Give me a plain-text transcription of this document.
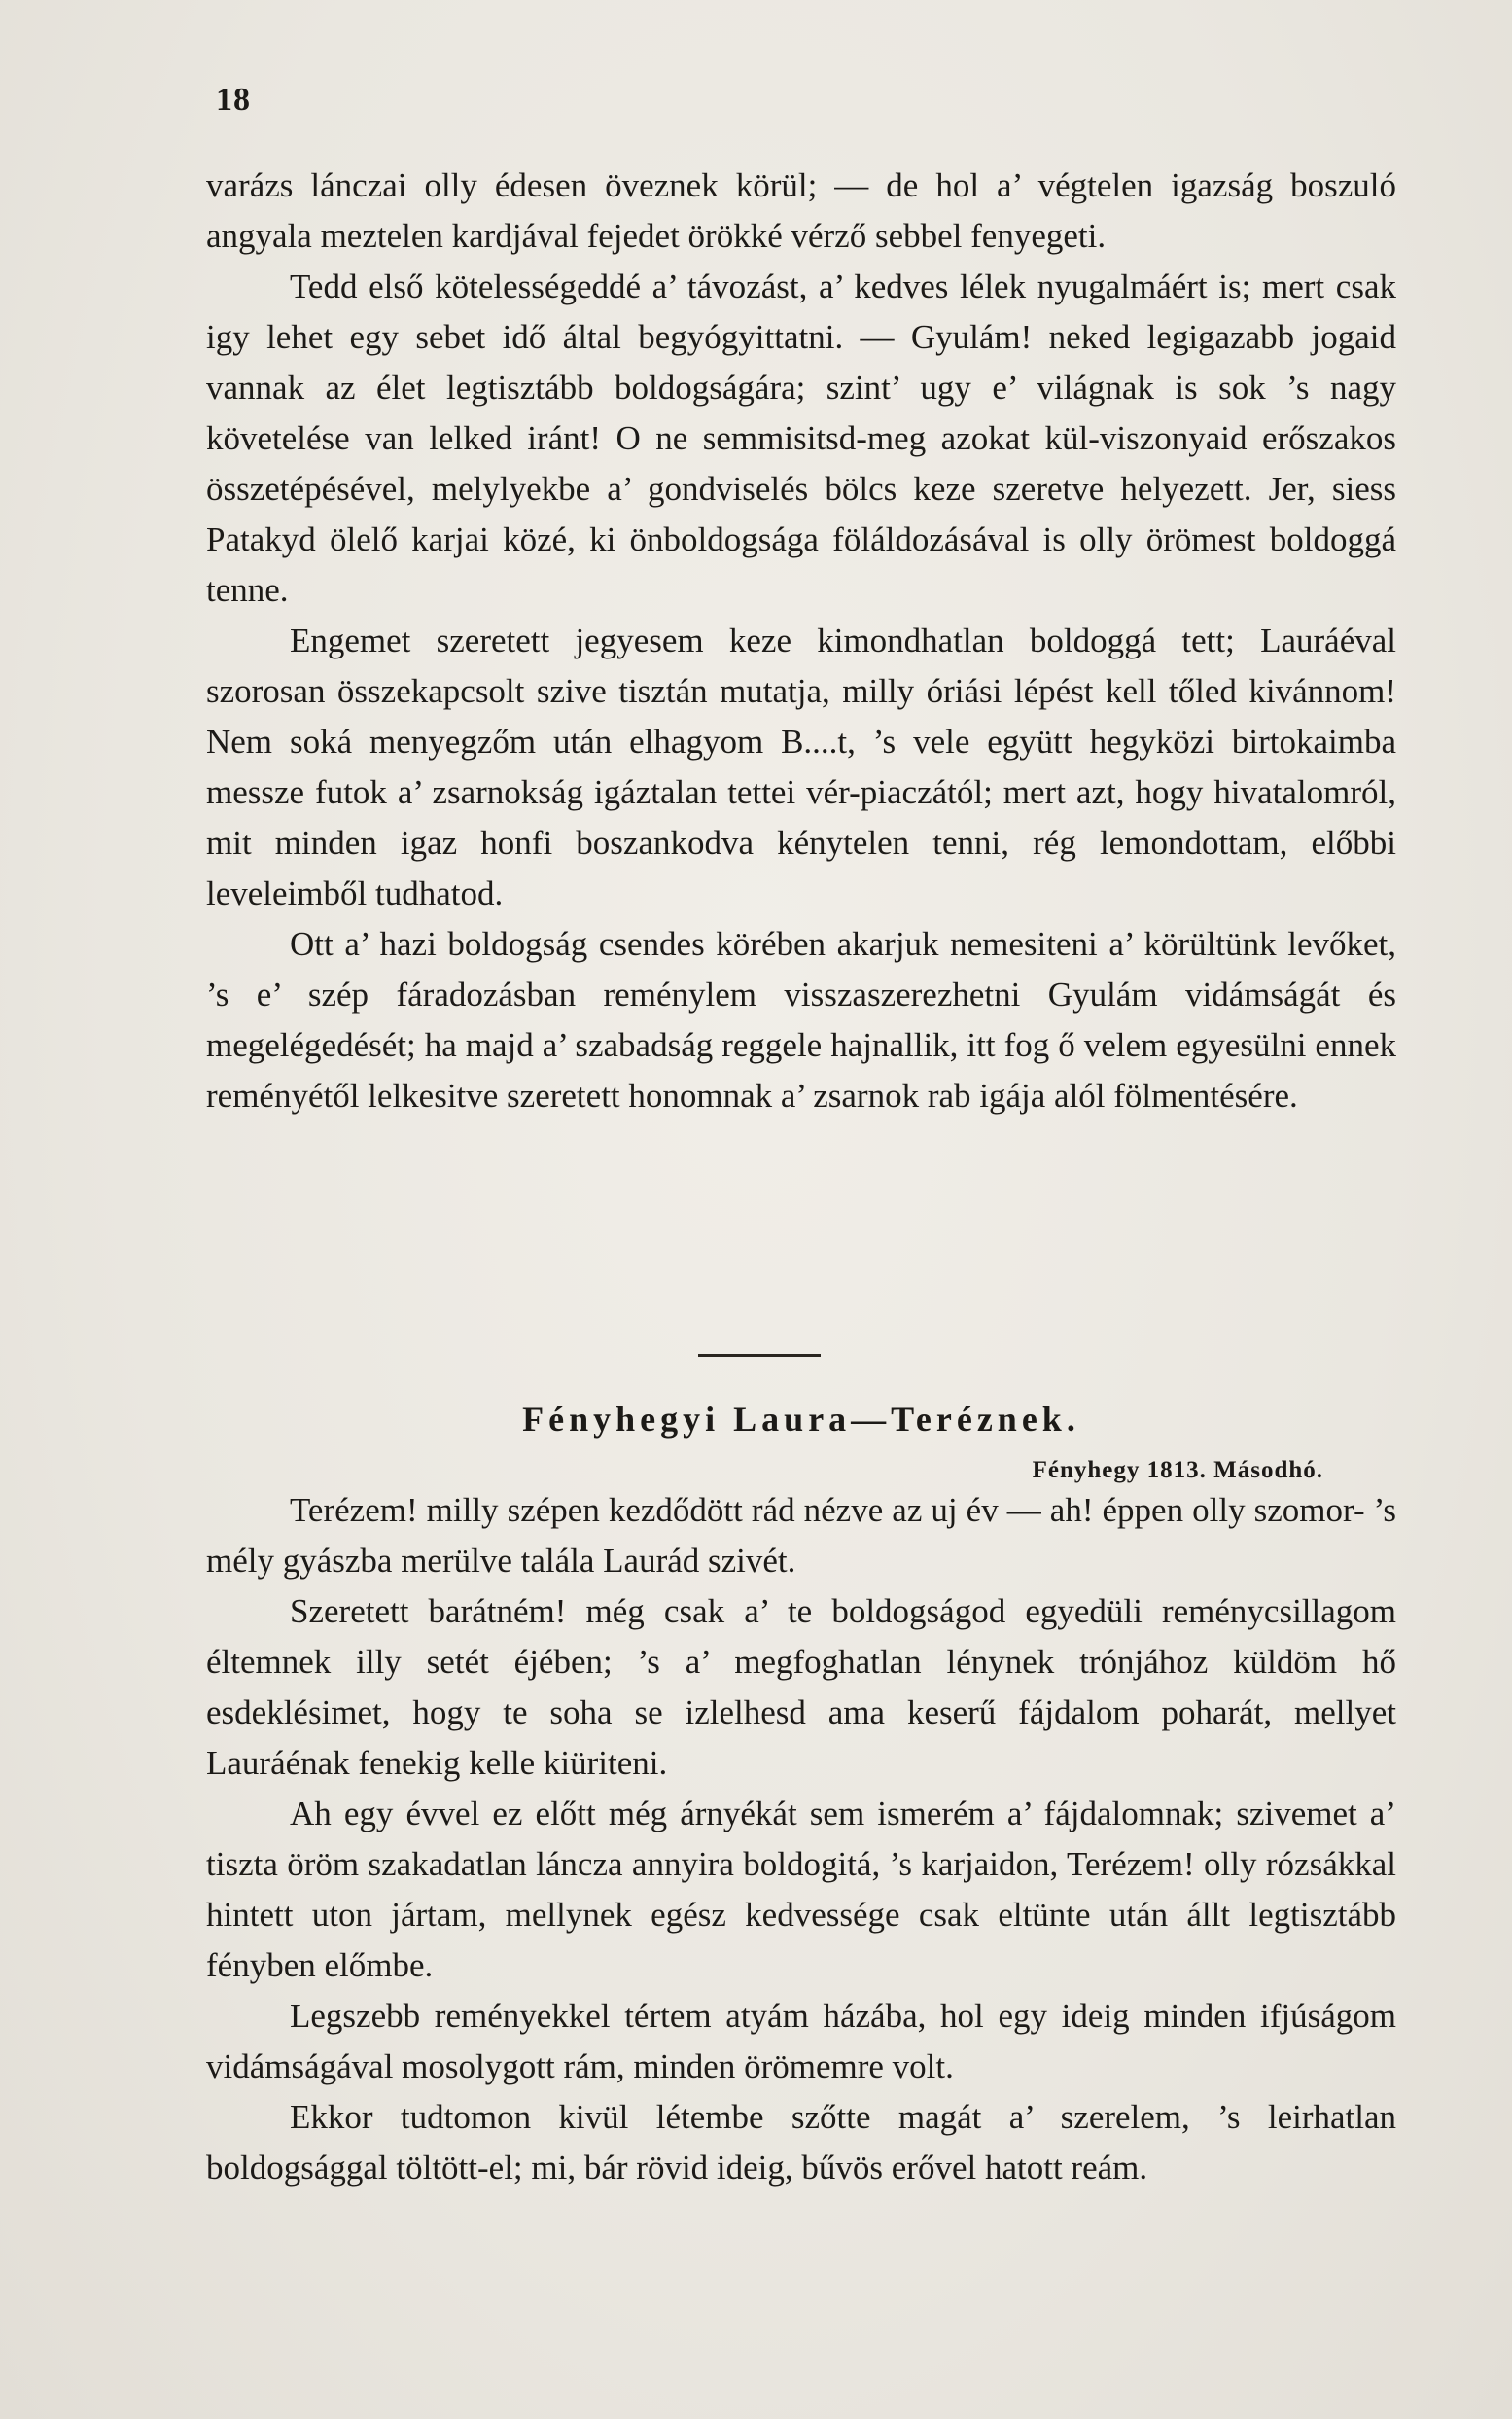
18

varázs lánczai olly édesen öveznek körül; — de hol a’ végtelen igazság boszuló angyala meztelen kardjával fejedet örökké vérző sebbel fenyegeti.

Tedd első kötelességeddé a’ távozást, a’ kedves lélek nyugalmáért is; mert csak igy lehet egy sebet idő által begyógyittatni. — Gyulám! neked legigazabb jogaid vannak az élet legtisztább boldogságára; szint’ ugy e’ világnak is sok ’s nagy követelése van lelked iránt! O ne semmisitsd-meg azokat kül-viszonyaid erőszakos összetépésével, melylyekbe a’ gondviselés bölcs keze szeretve helyezett. Jer, siess Patakyd ölelő karjai közé, ki önboldogsága föláldozásával is olly örömest boldoggá tenne.

Engemet szeretett jegyesem keze kimondhatlan boldoggá tett; Lauráéval szorosan összekapcsolt szive tisztán mutatja, milly óriási lépést kell tőled kivánnom! Nem soká menyegzőm után elhagyom B....t, ’s vele együtt hegyközi birtokaimba messze futok a’ zsarnokság igáztalan tettei vér-piaczától; mert azt, hogy hivatalomról, mit minden igaz honfi boszankodva kénytelen tenni, rég lemondottam, előbbi leveleimből tudhatod.

Ott a’ hazi boldogság csendes körében akarjuk nemesiteni a’ körültünk levőket, ’s e’ szép fáradozásban reménylem visszaszerezhetni Gyulám vidámságát és megelégedését; ha majd a’ szabadság reggele hajnallik, itt fog ő velem egyesülni ennek reményétől lelkesitve szeretett honomnak a’ zsarnok rab igája alól fölmentésére.

Fényhegyi Laura—Teréznek.
Fényhegy 1813. Másodhó.

Terézem! milly szépen kezdődött rád nézve az uj év — ah! éppen olly szomor- ’s mély gyászba merülve talála Laurád szivét.

Szeretett barátném! még csak a’ te boldogságod egyedüli reménycsillagom éltemnek illy setét éjében; ’s a’ megfoghatlan lénynek trónjához küldöm hő esdeklésimet, hogy te soha se izlelhesd ama keserű fájdalom poharát, mellyet Lauráénak fenekig kelle kiüriteni.

Ah egy évvel ez előtt még árnyékát sem ismerém a’ fájdalomnak; szivemet a’ tiszta öröm szakadatlan láncza annyira boldogitá, ’s karjaidon, Terézem! olly rózsákkal hintett uton jártam, mellynek egész kedvessége csak eltünte után állt legtisztább fényben előmbe.

Legszebb reményekkel tértem atyám házába, hol egy ideig minden ifjúságom vidámságával mosolygott rám, minden örömemre volt.

Ekkor tudtomon kivül létembe szőtte magát a’ szerelem, ’s leirhatlan boldogsággal töltött-el; mi, bár rövid ideig, bűvös erővel hatott reám.
